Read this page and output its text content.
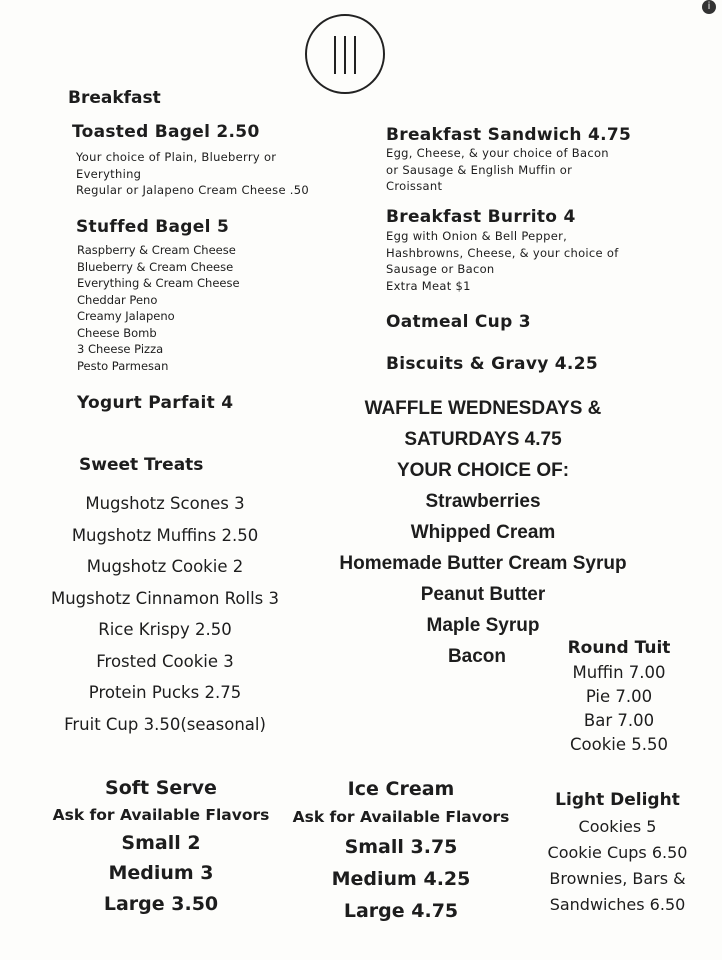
i
Breakfast
Toasted Bagel 2.50
Your choice of Plain, Blueberry or
Everything
Regular or Jalapeno Cream Cheese .50
Stuffed Bagel 5
Raspberry & Cream Cheese
Blueberry & Cream Cheese
Everything & Cream Cheese
Cheddar Peno
Creamy Jalapeno
Cheese Bomb
3 Cheese Pizza
Pesto Parmesan
Yogurt Parfait 4
Breakfast Sandwich 4.75
Egg, Cheese, & your choice of Bacon
or Sausage & English Muffin or
Croissant
Breakfast Burrito 4
Egg with Onion & Bell Pepper,
Hashbrowns, Cheese, & your choice of
Sausage or Bacon
Extra Meat $1
Oatmeal Cup 3
Biscuits & Gravy 4.25
Sweet Treats
Mugshotz Scones 3
Mugshotz Muffins 2.50
Mugshotz Cookie 2
Mugshotz Cinnamon Rolls 3
Rice Krispy 2.50
Frosted Cookie 3
Protein Pucks 2.75
Fruit Cup 3.50(seasonal)
WAFFLE WEDNESDAYS &
SATURDAYS 4.75
YOUR CHOICE OF:
Strawberries
Whipped Cream
Homemade Butter Cream Syrup
Peanut Butter
Maple Syrup
Bacon	Round Tuit
Muffin 7.00
Pie 7.00
Bar 7.00
Cookie 5.50
Soft Serve
Ask for Available Flavors
Small 2
Medium 3
Large 3.50
Ice Cream
Ask for Available Flavors
Small 3.75
Medium 4.25
Large 4.75
Light Delight
Cookies 5
Cookie Cups 6.50
Brownies, Bars &
Sandwiches 6.50
